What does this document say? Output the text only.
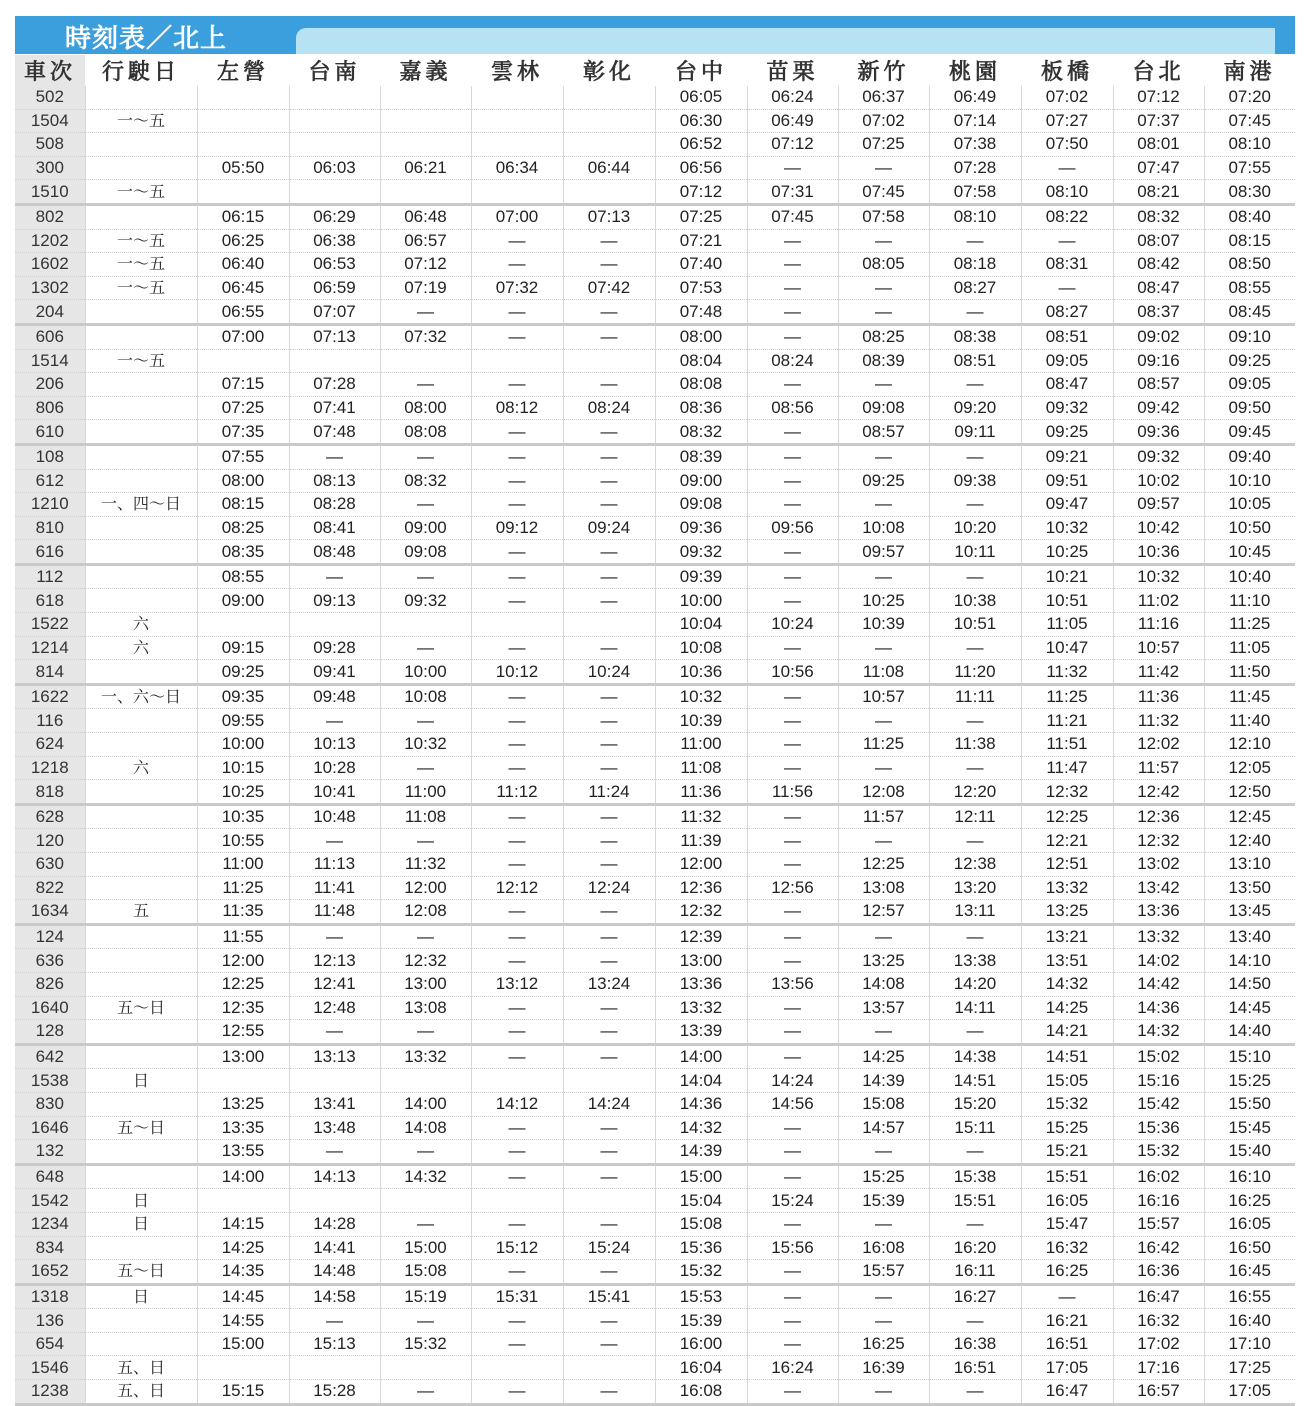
時刻表／北上
車次	行駛日	左營	台南	嘉義	雲林	彰化	台中	苗栗	新竹	桃園	板橋	台北	南港
502							06:05	06:24	06:37	06:49	07:02	07:12	07:20
1504	一～五						06:30	06:49	07:02	07:14	07:27	07:37	07:45
508							06:52	07:12	07:25	07:38	07:50	08:01	08:10
300		05:50	06:03	06:21	06:34	06:44	06:56	—	—	07:28	—	07:47	07:55
1510	一～五						07:12	07:31	07:45	07:58	08:10	08:21	08:30
802		06:15	06:29	06:48	07:00	07:13	07:25	07:45	07:58	08:10	08:22	08:32	08:40
1202	一～五	06:25	06:38	06:57	—	—	07:21	—	—	—	—	08:07	08:15
1602	一～五	06:40	06:53	07:12	—	—	07:40	—	08:05	08:18	08:31	08:42	08:50
1302	一～五	06:45	06:59	07:19	07:32	07:42	07:53	—	—	08:27	—	08:47	08:55
204		06:55	07:07	—	—	—	07:48	—	—	—	08:27	08:37	08:45
606		07:00	07:13	07:32	—	—	08:00	—	08:25	08:38	08:51	09:02	09:10
1514	一～五						08:04	08:24	08:39	08:51	09:05	09:16	09:25
206		07:15	07:28	—	—	—	08:08	—	—	—	08:47	08:57	09:05
806		07:25	07:41	08:00	08:12	08:24	08:36	08:56	09:08	09:20	09:32	09:42	09:50
610		07:35	07:48	08:08	—	—	08:32	—	08:57	09:11	09:25	09:36	09:45
108		07:55	—	—	—	—	08:39	—	—	—	09:21	09:32	09:40
612		08:00	08:13	08:32	—	—	09:00	—	09:25	09:38	09:51	10:02	10:10
1210	一、四～日	08:15	08:28	—	—	—	09:08	—	—	—	09:47	09:57	10:05
810		08:25	08:41	09:00	09:12	09:24	09:36	09:56	10:08	10:20	10:32	10:42	10:50
616		08:35	08:48	09:08	—	—	09:32	—	09:57	10:11	10:25	10:36	10:45
112		08:55	—	—	—	—	09:39	—	—	—	10:21	10:32	10:40
618		09:00	09:13	09:32	—	—	10:00	—	10:25	10:38	10:51	11:02	11:10
1522	六						10:04	10:24	10:39	10:51	11:05	11:16	11:25
1214	六	09:15	09:28	—	—	—	10:08	—	—	—	10:47	10:57	11:05
814		09:25	09:41	10:00	10:12	10:24	10:36	10:56	11:08	11:20	11:32	11:42	11:50
1622	一、六～日	09:35	09:48	10:08	—	—	10:32	—	10:57	11:11	11:25	11:36	11:45
116		09:55	—	—	—	—	10:39	—	—	—	11:21	11:32	11:40
624		10:00	10:13	10:32	—	—	11:00	—	11:25	11:38	11:51	12:02	12:10
1218	六	10:15	10:28	—	—	—	11:08	—	—	—	11:47	11:57	12:05
818		10:25	10:41	11:00	11:12	11:24	11:36	11:56	12:08	12:20	12:32	12:42	12:50
628		10:35	10:48	11:08	—	—	11:32	—	11:57	12:11	12:25	12:36	12:45
120		10:55	—	—	—	—	11:39	—	—	—	12:21	12:32	12:40
630		11:00	11:13	11:32	—	—	12:00	—	12:25	12:38	12:51	13:02	13:10
822		11:25	11:41	12:00	12:12	12:24	12:36	12:56	13:08	13:20	13:32	13:42	13:50
1634	五	11:35	11:48	12:08	—	—	12:32	—	12:57	13:11	13:25	13:36	13:45
124		11:55	—	—	—	—	12:39	—	—	—	13:21	13:32	13:40
636		12:00	12:13	12:32	—	—	13:00	—	13:25	13:38	13:51	14:02	14:10
826		12:25	12:41	13:00	13:12	13:24	13:36	13:56	14:08	14:20	14:32	14:42	14:50
1640	五～日	12:35	12:48	13:08	—	—	13:32	—	13:57	14:11	14:25	14:36	14:45
128		12:55	—	—	—	—	13:39	—	—	—	14:21	14:32	14:40
642		13:00	13:13	13:32	—	—	14:00	—	14:25	14:38	14:51	15:02	15:10
1538	日						14:04	14:24	14:39	14:51	15:05	15:16	15:25
830		13:25	13:41	14:00	14:12	14:24	14:36	14:56	15:08	15:20	15:32	15:42	15:50
1646	五～日	13:35	13:48	14:08	—	—	14:32	—	14:57	15:11	15:25	15:36	15:45
132		13:55	—	—	—	—	14:39	—	—	—	15:21	15:32	15:40
648		14:00	14:13	14:32	—	—	15:00	—	15:25	15:38	15:51	16:02	16:10
1542	日						15:04	15:24	15:39	15:51	16:05	16:16	16:25
1234	日	14:15	14:28	—	—	—	15:08	—	—	—	15:47	15:57	16:05
834		14:25	14:41	15:00	15:12	15:24	15:36	15:56	16:08	16:20	16:32	16:42	16:50
1652	五～日	14:35	14:48	15:08	—	—	15:32	—	15:57	16:11	16:25	16:36	16:45
1318	日	14:45	14:58	15:19	15:31	15:41	15:53	—	—	16:27	—	16:47	16:55
136		14:55	—	—	—	—	15:39	—	—	—	16:21	16:32	16:40
654		15:00	15:13	15:32	—	—	16:00	—	16:25	16:38	16:51	17:02	17:10
1546	五、日						16:04	16:24	16:39	16:51	17:05	17:16	17:25
1238	五、日	15:15	15:28	—	—	—	16:08	—	—	—	16:47	16:57	17:05
